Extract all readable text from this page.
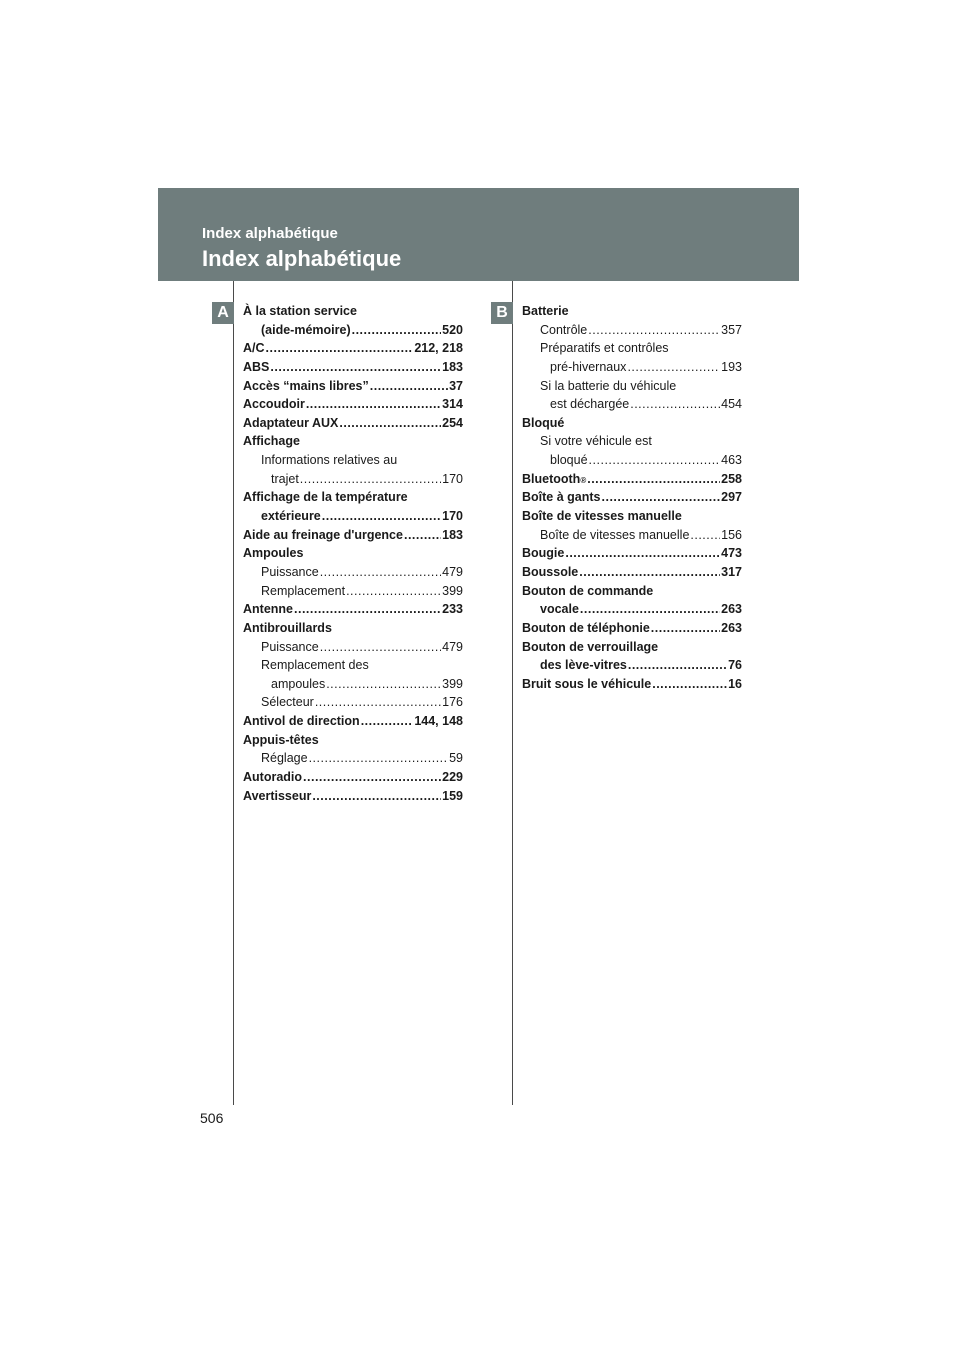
Index alphabétique
Index alphabétique
A	B
À la station service
(aide-mémoire) .....	520
A/C .....	212, 218
ABS .....	183
Accès “mains libres” .....	37
Accoudoir .....	314
Adaptateur AUX .....	254
Affichage
Informations relatives au
trajet .....	170
Affichage de la température
extérieure .....	170
Aide au freinage d'urgence .....	183
Ampoules
Puissance .....	479
Remplacement .....	399
Antenne .....	233
Antibrouillards
Puissance .....	479
Remplacement des
ampoules .....	399
Sélecteur .....	176
Antivol de direction .....	144, 148
Appuis-têtes
Réglage .....	59
Autoradio .....	229
Avertisseur .....	159
Batterie
Contrôle .....	357
Préparatifs et contrôles
pré-hivernaux .....	193
Si la batterie du véhicule
est déchargée .....	454
Bloqué
Si votre véhicule est
bloqué .....	463
Bluetooth ® .....	258
Boîte à gants .....	297
Boîte de vitesses manuelle
Boîte de vitesses manuelle .....	156
Bougie .....	473
Boussole .....	317
Bouton de commande
vocale .....	263
Bouton de téléphonie .....	263
Bouton de verrouillage
des lève-vitres .....	76
Bruit sous le véhicule .....	16
506
